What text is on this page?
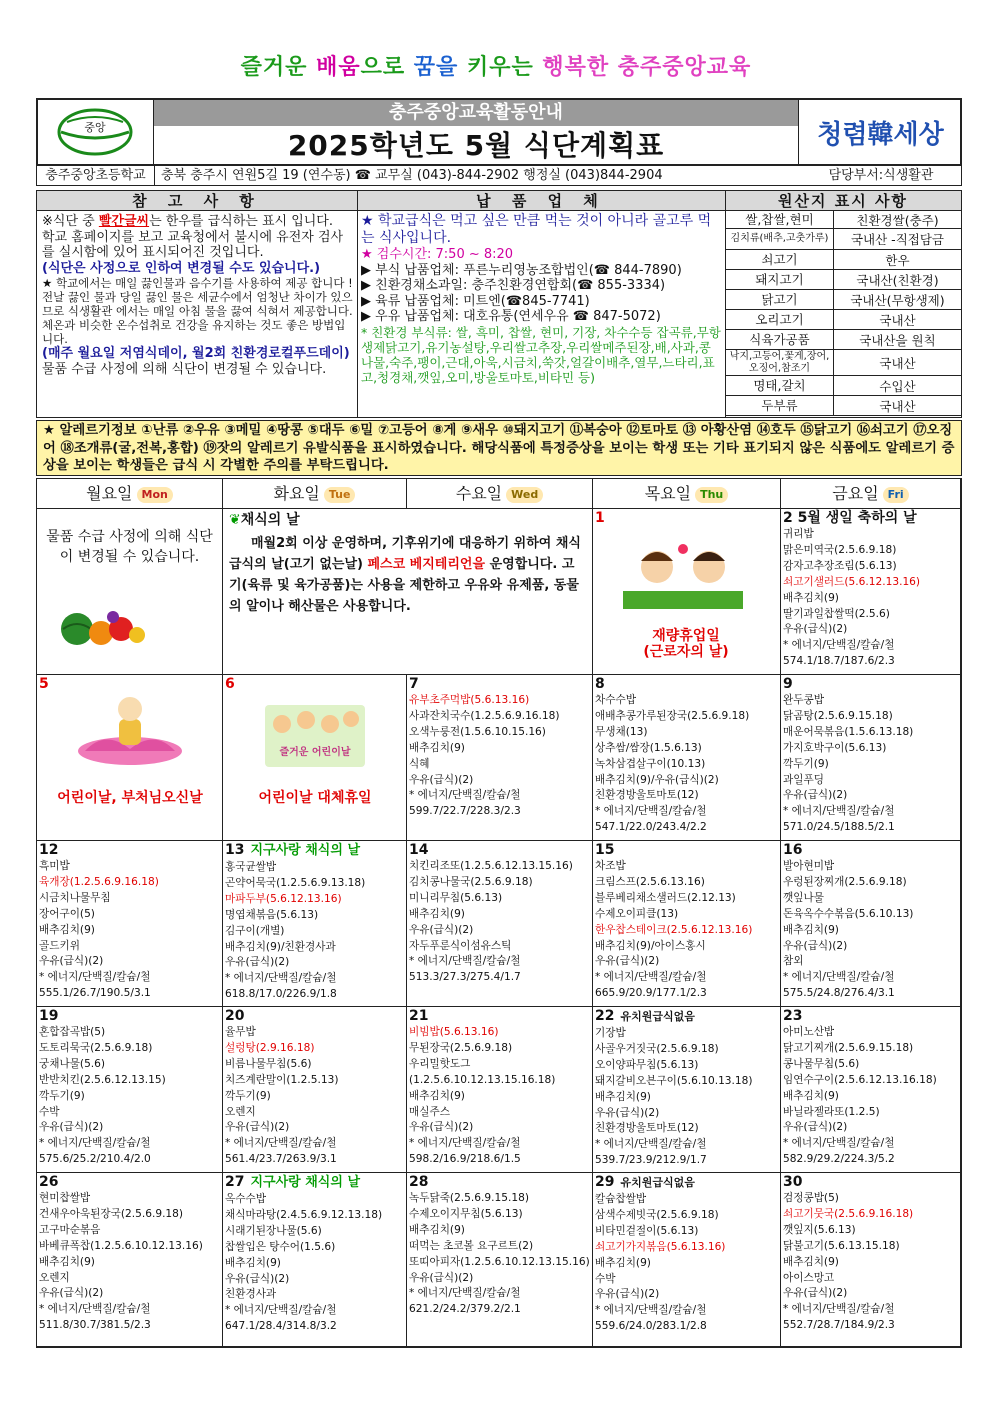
즐거운 배움으로 꿈을 키우는 행복한 충주중앙교육
중앙
충주중앙교육활동안내
2025학년도 5월 식단계획표	청렴韓세상
충주중앙초등학교	충북 충주시 연원5길 19 (연수동) ☎ 교무실 (043)-844-2902 행정실 (043)844-2904	담당부서:식생활관
참 고 사 항	납 품 업 체	원산지 표시 사항
※식단 중 빨간글씨는 한우를 급식하는 표시 입니다.
학교 홈페이지를 보고 교육청에서 불시에 유전자 검사를 실시함에 있어 표시되어진 것입니다.
(식단은 사정으로 인하여 변경될 수도 있습니다.)
★ 학교에서는 매일 끓인물과 음수기를 사용하여 제공 합니다 ! 전날 끓인 물과 당일 끓인 물은 세균수에서 엄청난 차이가 있으므로 식생활관 에서는 매일 아침 물을 끓여 식혀서 제공합니다. 체온과 비슷한 온수섭취로 건강을 유지하는 것도 좋은 방법입니다.
(매주 월요일 저염식데이, 월2회 친환경로컬푸드데이)
물품 수급 사정에 의해 식단이 변경될 수 있습니다.
★ 학교급식은 먹고 싶은 만큼 먹는 것이 아니라 골고루 먹는 식사입니다.
★ 검수시간: 7:50 ~ 8:20
▶ 부식 납품업체: 푸른누리영농조합법인(☎ 844-7890)
▶ 친환경채소과일: 충주친환경연합회(☎ 855-3334)
▶ 육류 납품업체: 미트엔(☎845-7741)
▶ 우유 납품업체: 대호유통(연세우유 ☎ 847-5072)
* 친환경 부식류: 쌀, 흑미, 찹쌀, 현미, 기장, 차수수등 잡곡류,무항생제닭고기,유기농설탕,우리쌀고추장,우리쌀메주된장,배,사과,콩나물,숙주,팽이,근대,아욱,시금치,쑥갓,얼갈이배추,열무,느타리,표고,청경채,깻잎,오미,방울토마토,비타민 등)
쌀,찹쌀,현미	친환경쌀(충주)
김치류(배추,고춧가루)	국내산 -직접담금
쇠고기	한우
돼지고기	국내산(친환경)
닭고기	국내산(무항생제)
오리고기	국내산
식육가공품	국내산을 원칙
낙지,고등어,꽃게,장어,오징어,참조기	국내산
명태,갈치	수입산
두부류	국내산
★ 알레르기정보 ①난류 ②우유 ③메밀 ④땅콩 ⑤대두 ⑥밀 ⑦고등어 ⑧게 ⑨새우 ⑩돼지고기 ⑪복숭아 ⑫토마토 ⑬ 아황산염 ⑭호두 ⑮닭고기 ⑯쇠고기 ⑰오징어 ⑱조개류(굴,전복,홍합) ⑲잣의 알레르기 유발식품을 표시하였습니다. 해당식품에 특정증상을 보이는 학생 또는 기타 표기되지 않은 식품에도 알레르기 증상을 보이는 학생들은 급식 시 각별한 주의를 부탁드립니다.
월요일 Mon	화요일 Tue	수요일 Wed	목요일 Thu	금요일 Fri
물품 수급 사정에 의해 식단이 변경될 수 있습니다.
❦채식의 날
매월2회 이상 운영하며, 기후위기에 대응하기 위하여 채식급식의 날(고기 없는날) 페스코 베지테리언을 운영합니다. 고기(육류 및 육가공품)는 사용을 제한하고 우유와 유제품, 동물의 알이나 해산물은 사용합니다.
1
재량휴업일
(근로자의 날)
2 5월 생일 축하의 날
귀리밥
맑은미역국(2.5.6.9.18)
감자고추장조림(5.6.13)
쇠고기샐러드(5.6.12.13.16)
배추김치(9)
딸기과일찹쌀떡(2.5.6)
우유(급식)(2)
* 에너지/단백질/칼슘/철
574.1/18.7/187.6/2.3
5
어린이날, 부처님오신날
6
즐거운 어린이날
어린이날 대체휴일
7
유부초주먹밥(5.6.13.16)
사과잔치국수(1.2.5.6.9.16.18)
오색누룽전(1.5.6.10.15.16)
배추김치(9)
식혜
우유(급식)(2)
* 에너지/단백질/칼슘/철
599.7/22.7/228.3/2.3
8
차수수밥
애배추콩가루된장국(2.5.6.9.18)
무생채(13)
상추쌈/쌈장(1.5.6.13)
녹차삼겹살구이(10.13)
배추김치(9)/우유(급식)(2)
친환경방울토마토(12)
* 에너지/단백질/칼슘/철
547.1/22.0/243.4/2.2
9
완두콩밥
닭곰탕(2.5.6.9.15.18)
매운어묵볶음(1.5.6.13.18)
가지호박구이(5.6.13)
깍두기(9)
과일푸딩
우유(급식)(2)
* 에너지/단백질/칼슘/철
571.0/24.5/188.5/2.1
12
흑미밥
육개장(1.2.5.6.9.16.18)
시금치나물무침
장어구이(5)
배추김치(9)
골드키위
우유(급식)(2)
* 에너지/단백질/칼슘/철
555.1/26.7/190.5/3.1
13 지구사랑 채식의 날
홍국균쌀밥
곤약어묵국(1.2.5.6.9.13.18)
마파두부(5.6.12.13.16)
명엽채볶음(5.6.13)
김구이(개별)
배추김치(9)/친환경사과
우유(급식)(2)
* 에너지/단백질/칼슘/철
618.8/17.0/226.9/1.8
14
치킨리조또(1.2.5.6.12.13.15.16)
김치콩나물국(2.5.6.9.18)
미니리무침(5.6.13)
배추김치(9)
우유(급식)(2)
자두푸룬식이섬유스틱
* 에너지/단백질/칼슘/철
513.3/27.3/275.4/1.7
15
차조밥
크림스프(2.5.6.13.16)
블루베리채소샐러드(2.12.13)
수제오이피클(13)
한우찹스테이크(2.5.6.12.13.16)
배추김치(9)/아이스홍시
우유(급식)(2)
* 에너지/단백질/칼슘/철
665.9/20.9/177.1/2.3
16
발아현미밥
우렁된장찌개(2.5.6.9.18)
깻잎나물
돈육옥수수볶음(5.6.10.13)
배추김치(9)
우유(급식)(2)
참외
* 에너지/단백질/칼슘/철
575.5/24.8/276.4/3.1
19
혼합잡곡밥(5)
도토리묵국(2.5.6.9.18)
궁채나물(5.6)
반반치킨(2.5.6.12.13.15)
깍두기(9)
수박
우유(급식)(2)
* 에너지/단백질/칼슘/철
575.6/25.2/210.4/2.0
20
율무밥
설렁탕(2.9.16.18)
비름나물무침(5.6)
치즈계란말이(1.2.5.13)
깍두기(9)
오렌지
우유(급식)(2)
* 에너지/단백질/칼슘/철
561.4/23.7/263.9/3.1
21
비빔밥(5.6.13.16)
무된장국(2.5.6.9.18)
우리밀핫도그
(1.2.5.6.10.12.13.15.16.18)
배추김치(9)
매실주스
우유(급식)(2)
* 에너지/단백질/칼슘/철
598.2/16.9/218.6/1.5
22 유치원급식없음
기장밥
사골우거짓국(2.5.6.9.18)
오이양파무침(5.6.13)
돼지갈비오븐구이(5.6.10.13.18)
배추김치(9)
우유(급식)(2)
친환경방울토마토(12)
* 에너지/단백질/칼슘/철
539.7/23.9/212.9/1.7
23
아미노산밥
닭고기찌개(2.5.6.9.15.18)
콩나물무침(5.6)
임연수구이(2.5.6.12.13.16.18)
배추김치(9)
바닐라젤라또(1.2.5)
우유(급식)(2)
* 에너지/단백질/칼슘/철
582.9/29.2/224.3/5.2
26
현미찹쌀밥
건새우아욱된장국(2.5.6.9.18)
고구마순볶음
바베큐폭찹(1.2.5.6.10.12.13.16)
배추김치(9)
오렌지
우유(급식)(2)
* 에너지/단백질/칼슘/철
511.8/30.7/381.5/2.3
27 지구사랑 채식의 날
옥수수밥
채식마라탕(2.4.5.6.9.12.13.18)
시래기된장나물(5.6)
찹쌀입은 탕수어(1.5.6)
배추김치(9)
우유(급식)(2)
친환경사과
* 에너지/단백질/칼슘/철
647.1/28.4/314.8/3.2
28
녹두닭죽(2.5.6.9.15.18)
수제오이지무침(5.6.13)
배추김치(9)
떠먹는 초코볼 요구르트(2)
또띠아피자(1.2.5.6.10.12.13.15.16)
우유(급식)(2)
* 에너지/단백질/칼슘/철
621.2/24.2/379.2/2.1
29 유치원급식없음
칼슘찹쌀밥
삼색수제빗국(2.5.6.9.18)
비타민겉절이(5.6.13)
쇠고기가지볶음(5.6.13.16)
배추김치(9)
수박
우유(급식)(2)
* 에너지/단백질/칼슘/철
559.6/24.0/283.1/2.8
30
검정콩밥(5)
쇠고기뭇국(2.5.6.9.16.18)
깻잎지(5.6.13)
닭불고기(5.6.13.15.18)
배추김치(9)
아이스망고
우유(급식)(2)
* 에너지/단백질/칼슘/철
552.7/28.7/184.9/2.3
